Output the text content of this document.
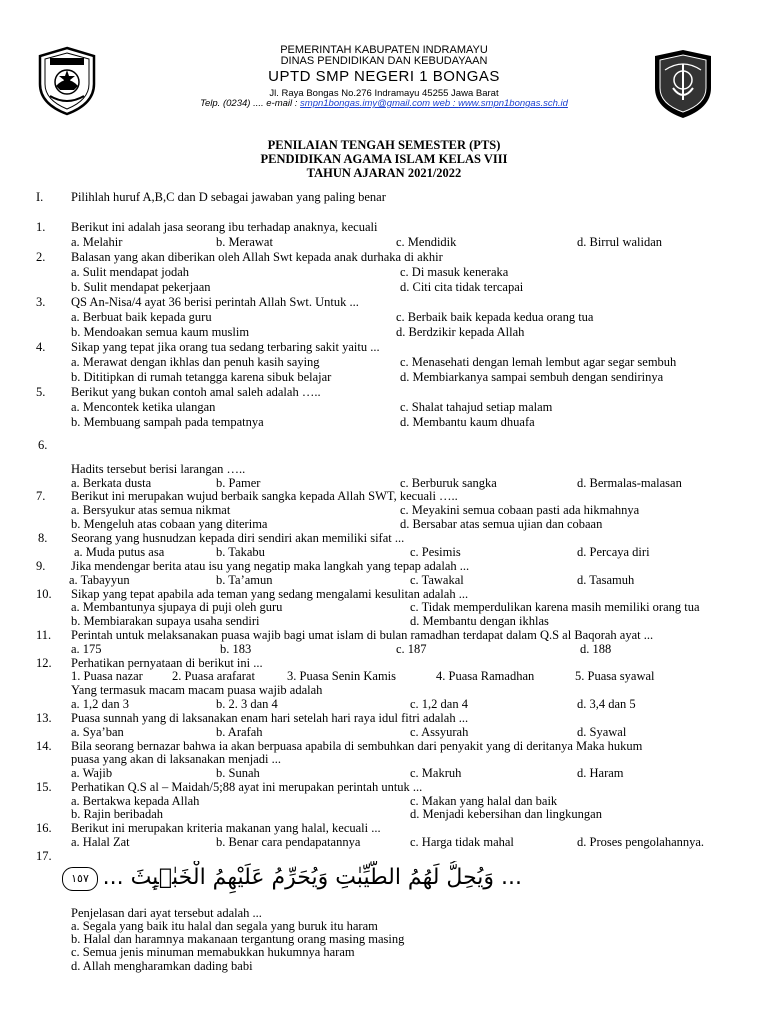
PEMERINTAH KABUPATEN INDRAMAYU
DINAS PENDIDIKAN DAN KEBUDAYAAN
UPTD SMP NEGERI 1 BONGAS
Jl. Raya Bongas No.276 Indramayu 45255 Jawa Barat
Telp. (0234) .... e-mail : smpn1bongas.imy@gmail.com web : www.smpn1bongas.sch.id
PENILAIAN TENGAH SEMESTER (PTS)
PENDIDIKAN AGAMA ISLAM KELAS VIII
TAHUN AJARAN 2021/2022
I. Pilihlah huruf A,B,C dan D sebagai jawaban yang paling benar
1. Berikut ini adalah jasa seorang ibu terhadap anaknya, kecuali
a. Melahir	b. Merawat	c. Mendidik	d. Birrul walidan
2. Balasan yang akan diberikan oleh Allah Swt kepada anak durhaka di akhir
a. Sulit mendapat jodah	c. Di masuk keneraka
b. Sulit mendapat pekerjaan	d. Citi cita tidak tercapai
3. QS An-Nisa/4 ayat 36 berisi perintah Allah Swt. Untuk ...
a. Berbuat baik kepada guru	c. Berbaik baik kepada kedua orang tua
b. Mendoakan semua kaum muslim	d. Berdzikir kepada Allah
4. Sikap yang tepat jika orang tua sedang terbaring sakit yaitu ...
a. Merawat dengan ikhlas dan penuh kasih saying	c. Menasehati dengan lemah lembut agar segar sembuh
b. Dititipkan di rumah tetangga karena sibuk belajar	d. Membiarkanya sampai sembuh dengan sendirinya
5. Berikut yang bukan contoh amal saleh adalah …..
a. Mencontek ketika ulangan	c. Shalat tahajud setiap malam
b. Membuang sampah pada tempatnya	d. Membantu kaum dhuafa
6.
Hadits tersebut berisi larangan …..
a. Berkata dusta	b. Pamer	c. Berburuk sangka	d. Bermalas-malasan
7. Berikut ini merupakan wujud berbaik sangka kepada Allah SWT, kecuali …..
a. Bersyukur atas semua nikmat	c. Meyakini semua cobaan pasti ada hikmahnya
b. Mengeluh atas cobaan yang diterima	d. Bersabar atas semua ujian dan cobaan
8. Seorang yang husnudzan kepada diri sendiri akan memiliki sifat ...
a. Muda putus asa	b. Takabu	c. Pesimis	d. Percaya diri
9. Jika mendengar berita atau isu yang negatip maka langkah yang tepap adalah ...
a. Tabayyun	b. Ta’amun	c. Tawakal	d. Tasamuh
10. Sikap yang tepat apabila ada teman yang sedang mengalami kesulitan adalah ...
a. Membantunya sjupaya di puji oleh guru	c. Tidak memperdulikan karena masih memiliki orang tua
b. Membiarakan supaya usaha sendiri	d. Membantu dengan ikhlas
11. Perintah untuk melaksanakan puasa wajib bagi umat islam di bulan ramadhan terdapat dalam Q.S al Baqorah ayat ...
a. 175	b. 183	c. 187	d. 188
12. Perhatikan pernyataan di berikut ini ...
1. Puasa nazar 2. Puasa arafarat	3. Puasa Senin Kamis	4. Puasa Ramadhan	5. Puasa syawal
Yang termasuk macam macam puasa wajib adalah
a. 1,2 dan 3	b. 2. 3 dan 4	c. 1,2 dan 4	d. 3,4 dan 5
13. Puasa sunnah yang di laksanakan enam hari setelah hari raya idul fitri adalah ...
a. Sya’ban	b. Arafah	c. Assyurah	d. Syawal
14. Bila seorang bernazar bahwa ia akan berpuasa apabila di sembuhkan dari penyakit yang di deritanya Maka hukum
puasa yang akan di laksanakan menjadi ...
a. Wajib	b. Sunah	c. Makruh	d. Haram
15. Perhatikan Q.S al – Maidah/5;88 ayat ini merupakan perintah untuk ...
a. Bertakwa kepada Allah	c. Makan yang halal dan baik
b. Rajin beribadah	d. Menjadi kebersihan dan lingkungan
16. Berikut ini merupakan kriteria makanan yang halal, kecuali ...
a. Halal Zat	b. Benar cara pendapatannya	c. Harga tidak mahal	d. Proses pengolahannya.
17.
١٥٧ ... وَيُحِلُّ لَهُمُ الطَّيِّبٰتِ وَيُحَرِّمُ عَلَيْهِمُ الْخَبٰۤىِٕثَ ...
Penjelasan dari ayat tersebut adalah ...
a. Segala yang baik itu halal dan segala yang buruk itu haram
b. Halal dan haramnya makanaan tergantung orang masing masing
c. Semua jenis minuman memabukkan hukumnya haram
d. Allah mengharamkan dading babi
